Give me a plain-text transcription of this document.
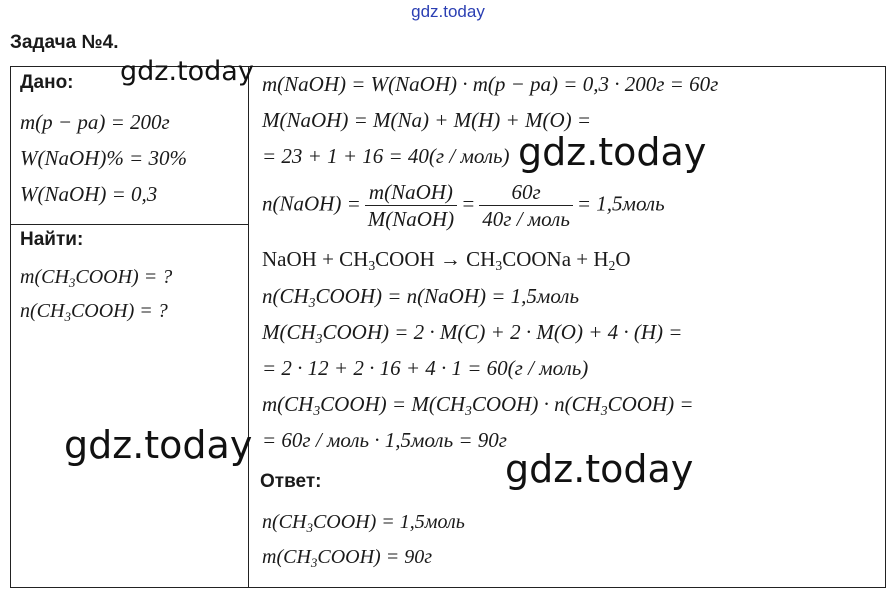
gdz.today
Задача №4.
Дано:
m(p − pa) = 200г
W(NaOH)% = 30%
W(NaOH) = 0,3
Найти:
$m(CH_3COOH)$ = ?
$n(CH_3COOH)$ = ?
m(NaOH) = W(NaOH) · m(p − pa) = 0,3 · 200г = 60г
M(NaOH) = M(Na) + M(H) + M(O) =
= 23 + 1 + 16 = 40(г / моль)
n(NaOH) = $\frac{\text{m(NaOH)}}{\text{M(NaOH)}} = \frac{60г}{\text{40г / моль}}$ = 1,5моль
NaOH + $CH_3COOH$ → $CH_3COONa + H_2O$
$n(CH_3COOH)$ = n(NaOH) = 1,5моль
$M(CH_3COOH) = 2 \cdot M(C) + 2 \cdot M(O) + 4 \cdot (H)$ =
= 2 · 12 + 2 · 16 + 4 · 1 = 60(г / моль)
$m(CH_3COOH)$ = $M(CH_3COOH)$ · $n(CH_3COOH)$ =
= 60г / моль · 1,5моль = 90г
Ответ:
$n(CH_3COOH)$ = 1,5моль
$m(CH_3COOH) = 90г$
gdz.today
gdz.today
gdz.today
gdz.today
